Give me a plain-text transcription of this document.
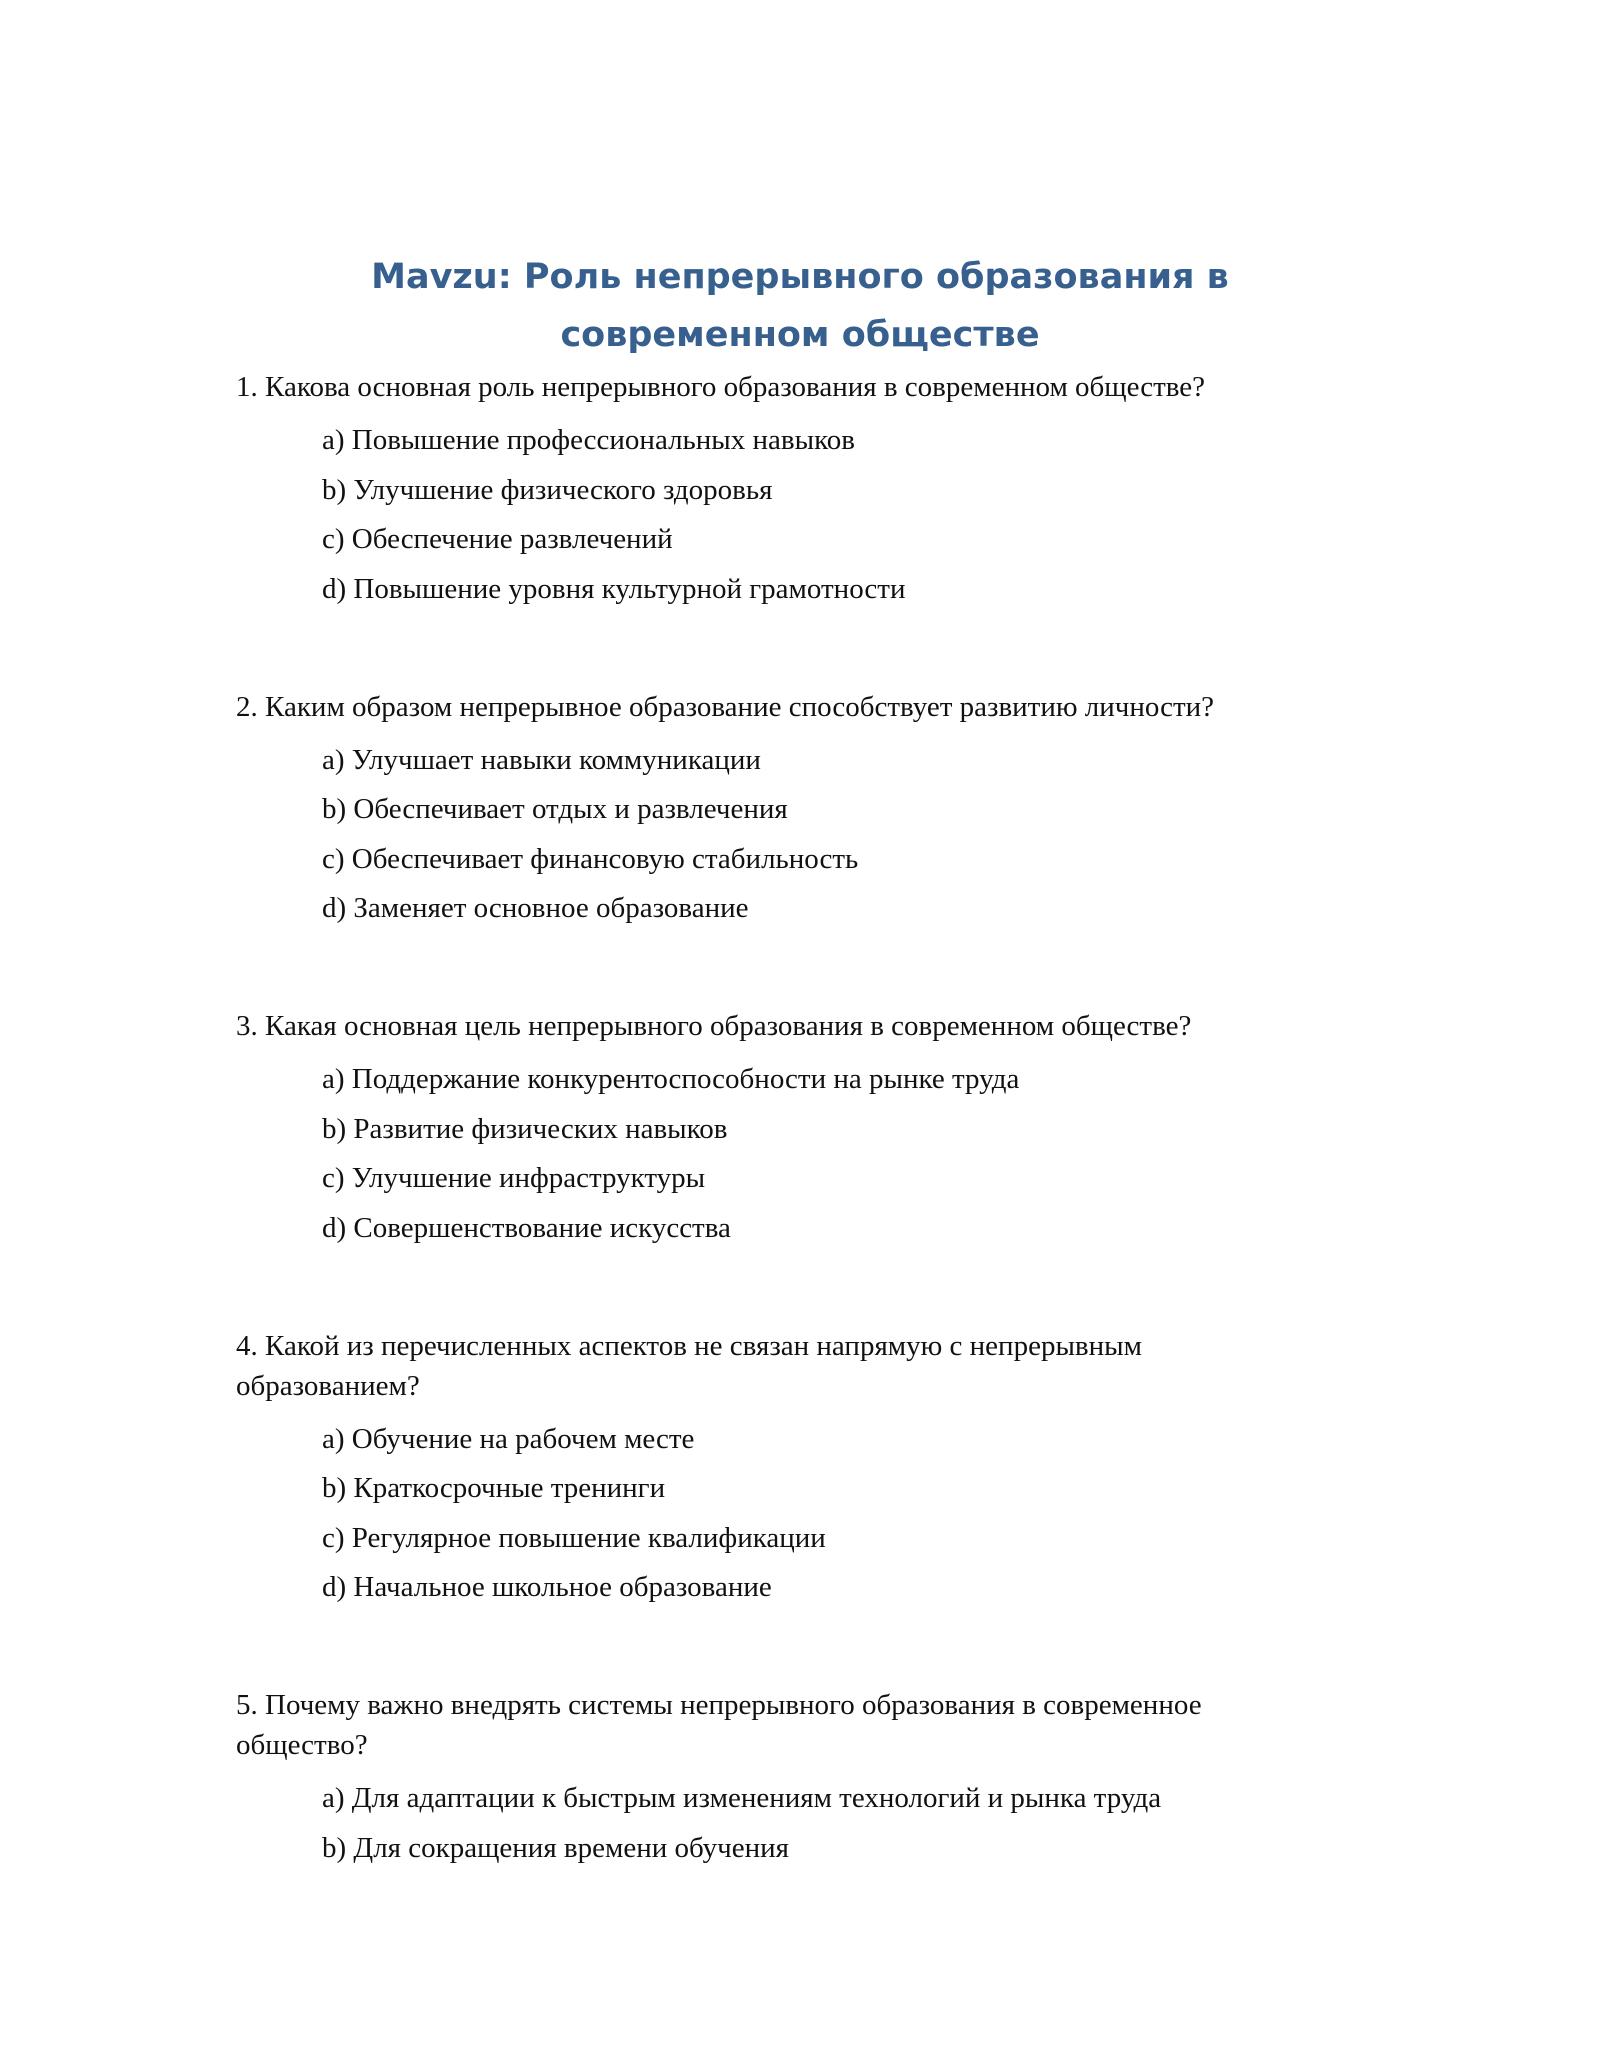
Mavzu: Роль непрерывного образования в современном обществе

1. Какова основная роль непрерывного образования в современном обществе?

a) Повышение профессиональных навыков
b) Улучшение физического здоровья
c) Обеспечение развлечений
d) Повышение уровня культурной грамотности

2. Каким образом непрерывное образование способствует развитию личности?

a) Улучшает навыки коммуникации
b) Обеспечивает отдых и развлечения
c) Обеспечивает финансовую стабильность
d) Заменяет основное образование

3. Какая основная цель непрерывного образования в современном обществе?

a) Поддержание конкурентоспособности на рынке труда
b) Развитие физических навыков
c) Улучшение инфраструктуры
d) Совершенствование искусства

4. Какой из перечисленных аспектов не связан напрямую с непрерывным образованием?

a) Обучение на рабочем месте
b) Краткосрочные тренинги
c) Регулярное повышение квалификации
d) Начальное школьное образование

5. Почему важно внедрять системы непрерывного образования в современное общество?

a) Для адаптации к быстрым изменениям технологий и рынка труда
b) Для сокращения времени обучения
